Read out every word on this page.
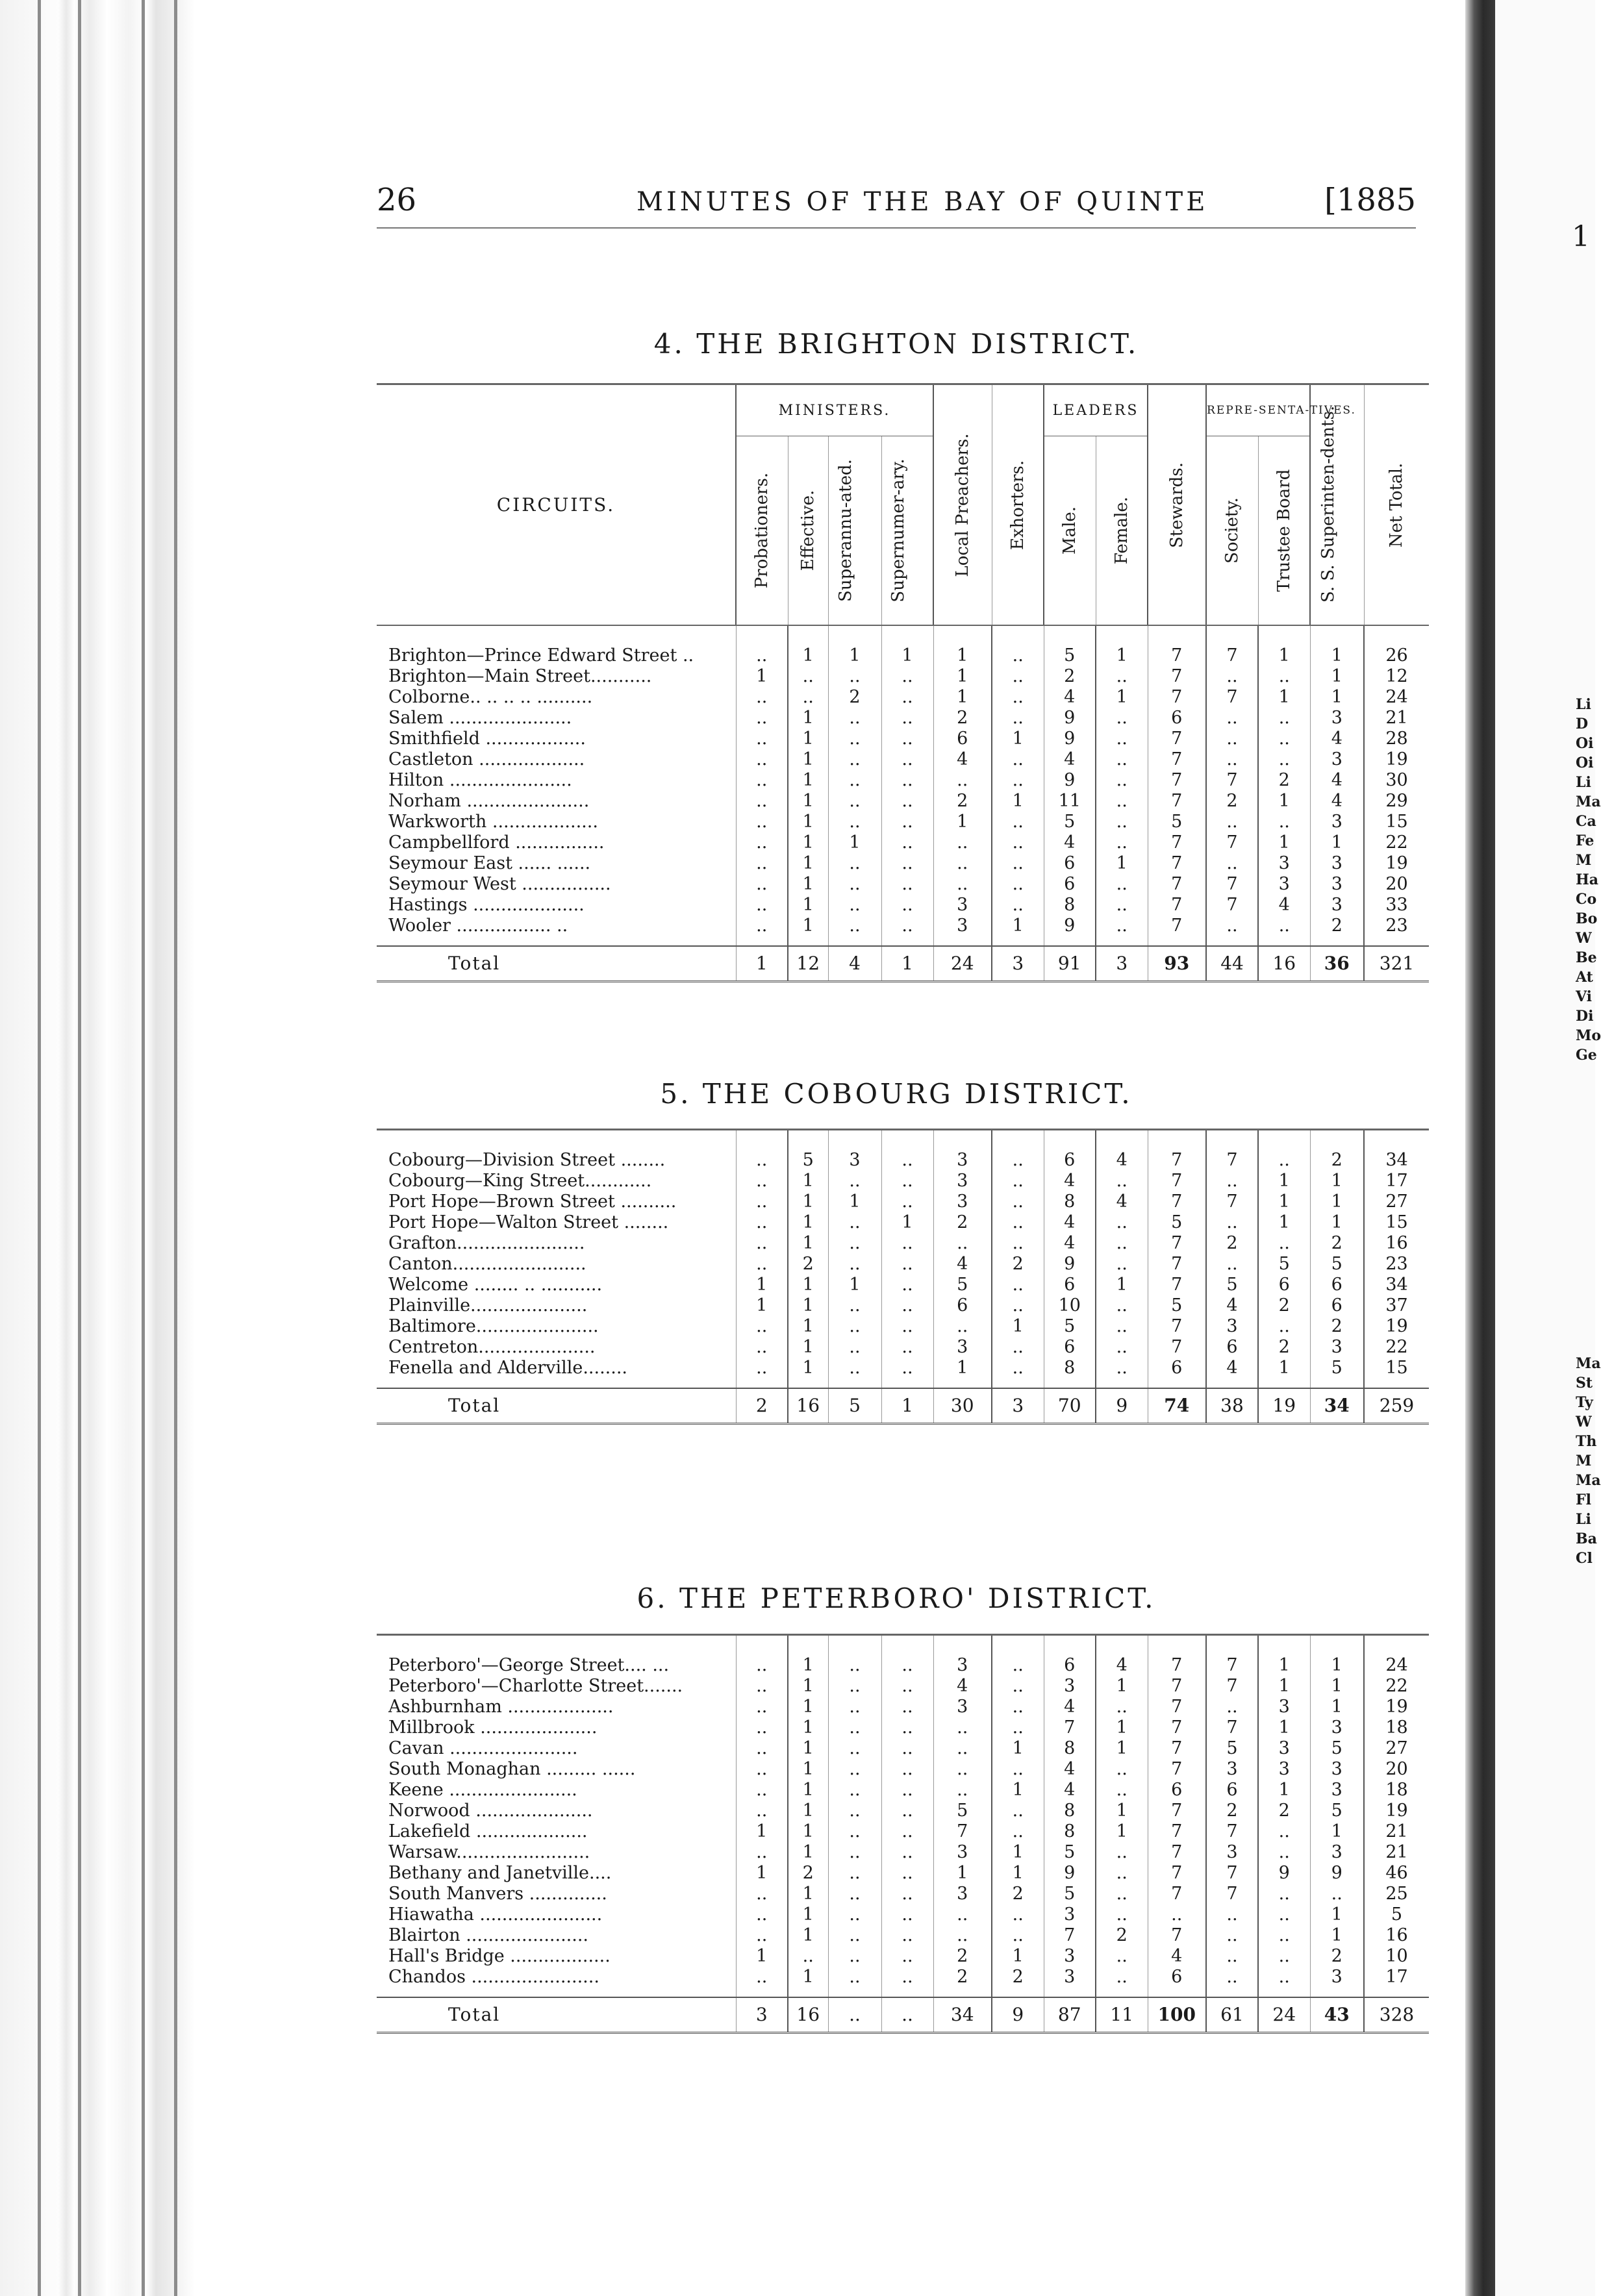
1
Li
D
Oi
Oi
Li
Ma
Ca
Fe
M
Ha
Co
Bo
W
Be
At
Vi
Di
Mo
Ge
Ma
St
Ty
W
Th
M
Ma
Fl
Li
Ba
Cl
26	MINUTES OF THE BAY OF QUINTE	[1885
4. THE BRIGHTON DISTRICT.
CIRCUITS.	MINISTERS.				Local Preachers.	Exhorters.	LEADERS		Stewards.	REPRE-SENTA-TIVES.		S. S. Superinten-dents.	Net Total.

	Probationers.	Effective.	Superannu-ated.	Supernumer-ary.			Male.	Female.		Society.	Trustee Board		

Brighton—Prince Edward Street ..	..	1	1	1	1	..	5	1	7	7	1	1	26
Brighton—Main Street...........	1	..	..	..	1	..	2	..	7	..	..	1	12
Colborne.. .. .. .. ..........	..	..	2	..	1	..	4	1	7	7	1	1	24
Salem ......................	..	1	..	..	2	..	9	..	6	..	..	3	21
Smithfield ..................	..	1	..	..	6	1	9	..	7	..	..	4	28
Castleton ...................	..	1	..	..	4	..	4	..	7	..	..	3	19
Hilton ......................	..	1	..	..	..	..	9	..	7	7	2	4	30
Norham ......................	..	1	..	..	2	1	11	..	7	2	1	4	29
Warkworth ...................	..	1	..	..	1	..	5	..	5	..	..	3	15
Campbellford ................	..	1	1	..	..	..	4	..	7	7	1	1	22
Seymour East ...... ......	..	1	..	..	..	..	6	1	7	..	3	3	19
Seymour West ................	..	1	..	..	..	..	6	..	7	7	3	3	20
Hastings ....................	..	1	..	..	3	..	8	..	7	7	4	3	33
Wooler ................. ..	..	1	..	..	3	1	9	..	7	..	..	2	23
Total	1	12	4	1	24	3	91	3	93	44	16	36	321
5. THE COBOURG DISTRICT.
Cobourg—Division Street ........	..	5	3	..	3	..	6	4	7	7	..	2	34
Cobourg—King Street............	..	1	..	..	3	..	4	..	7	..	1	1	17
Port Hope—Brown Street ..........	..	1	1	..	3	..	8	4	7	7	1	1	27
Port Hope—Walton Street ........	..	1	..	1	2	..	4	..	5	..	1	1	15
Grafton.......................	..	1	..	..	..	..	4	..	7	2	..	2	16
Canton........................	..	2	..	..	4	2	9	..	7	..	5	5	23
Welcome ........ .. ...........	1	1	1	..	5	..	6	1	7	5	6	6	34
Plainville.....................	1	1	..	..	6	..	10	..	5	4	2	6	37
Baltimore......................	..	1	..	..	..	1	5	..	7	3	..	2	19
Centreton.....................	..	1	..	..	3	..	6	..	7	6	2	3	22
Fenella and Alderville........	..	1	..	..	1	..	8	..	6	4	1	5	15
Total	2	16	5	1	30	3	70	9	74	38	19	34	259
6. THE PETERBORO' DISTRICT.
Peterboro'—George Street.... ...	..	1	..	..	3	..	6	4	7	7	1	1	24
Peterboro'—Charlotte Street.......	..	1	..	..	4	..	3	1	7	7	1	1	22
Ashburnham ...................	..	1	..	..	3	..	4	..	7	..	3	1	19
Millbrook .....................	..	1	..	..	..	..	7	1	7	7	1	3	18
Cavan .......................	..	1	..	..	..	1	8	1	7	5	3	5	27
South Monaghan ......... ......	..	1	..	..	..	..	4	..	7	3	3	3	20
Keene .......................	..	1	..	..	..	1	4	..	6	6	1	3	18
Norwood .....................	..	1	..	..	5	..	8	1	7	2	2	5	19
Lakefield ....................	1	1	..	..	7	..	8	1	7	7	..	1	21
Warsaw........................	..	1	..	..	3	1	5	..	7	3	..	3	21
Bethany and Janetville....	1	2	..	..	1	1	9	..	7	7	9	9	46
South Manvers ..............	..	1	..	..	3	2	5	..	7	7	..	..	25
Hiawatha ......................	..	1	..	..	..	..	3	..	..	..	..	1	5
Blairton ......................	..	1	..	..	..	..	7	2	7	..	..	1	16
Hall's Bridge ..................	1	..	..	..	2	1	3	..	4	..	..	2	10
Chandos .......................	..	1	..	..	2	2	3	..	6	..	..	3	17
Total	3	16	..	..	34	9	87	11	100	61	24	43	328
